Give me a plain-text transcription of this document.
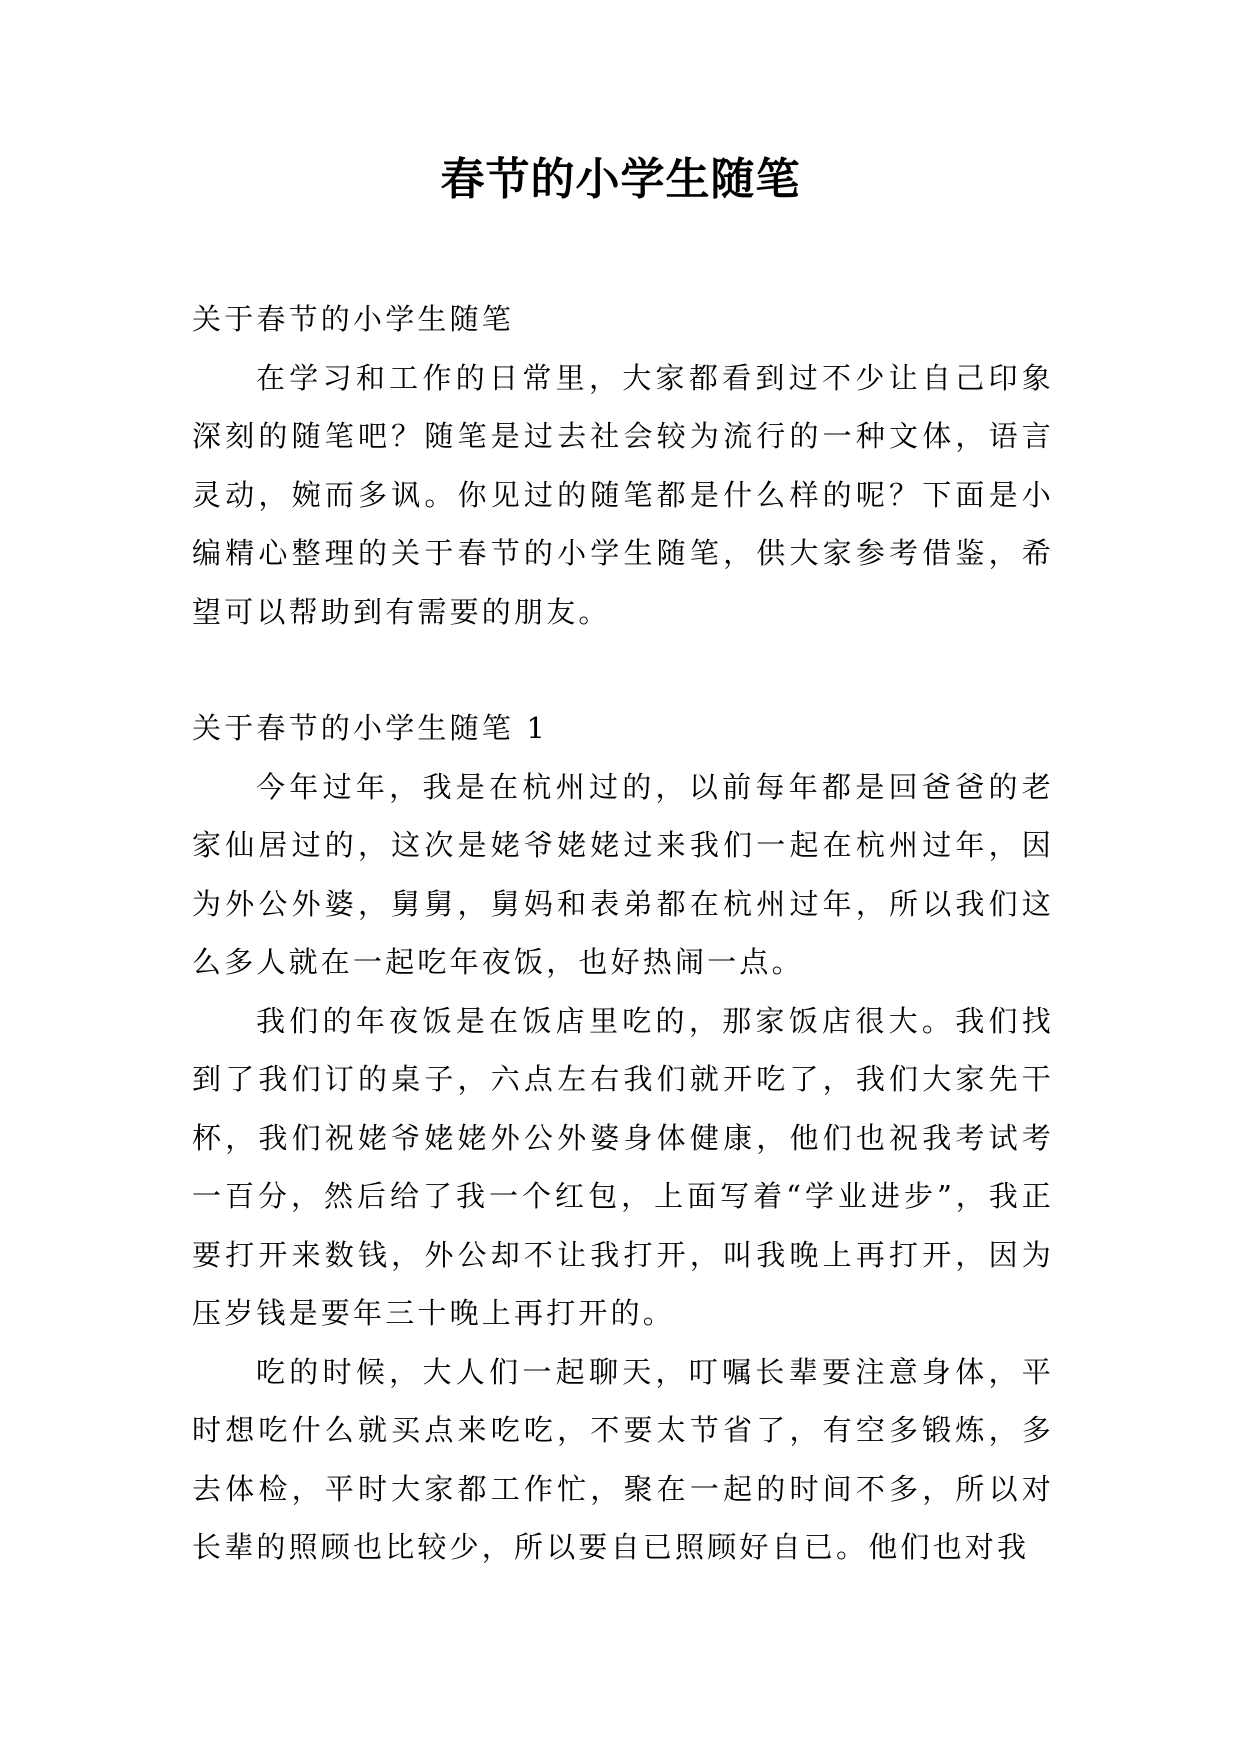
春节的小学生随笔

关于春节的小学生随笔

在学习和工作的日常里，大家都看到过不少让自己印象深刻的随笔吧？随笔是过去社会较为流行的一种文体，语言灵动，婉而多讽。你见过的随笔都是什么样的呢？下面是小编精心整理的关于春节的小学生随笔，供大家参考借鉴，希望可以帮助到有需要的朋友。

关于春节的小学生随笔 1

今年过年，我是在杭州过的，以前每年都是回爸爸的老家仙居过的，这次是姥爷姥姥过来我们一起在杭州过年，因为外公外婆，舅舅，舅妈和表弟都在杭州过年，所以我们这么多人就在一起吃年夜饭，也好热闹一点。

我们的年夜饭是在饭店里吃的，那家饭店很大。我们找到了我们订的桌子，六点左右我们就开吃了，我们大家先干杯，我们祝姥爷姥姥外公外婆身体健康，他们也祝我考试考一百分，然后给了我一个红包，上面写着“学业进步”，我正要打开来数钱，外公却不让我打开，叫我晚上再打开，因为压岁钱是要年三十晚上再打开的。

吃的时候，大人们一起聊天，叮嘱长辈要注意身体，平时想吃什么就买点来吃吃，不要太节省了，有空多锻炼，多去体检，平时大家都工作忙，聚在一起的时间不多，所以对长辈的照顾也比较少，所以要自已照顾好自已。他们也对我
